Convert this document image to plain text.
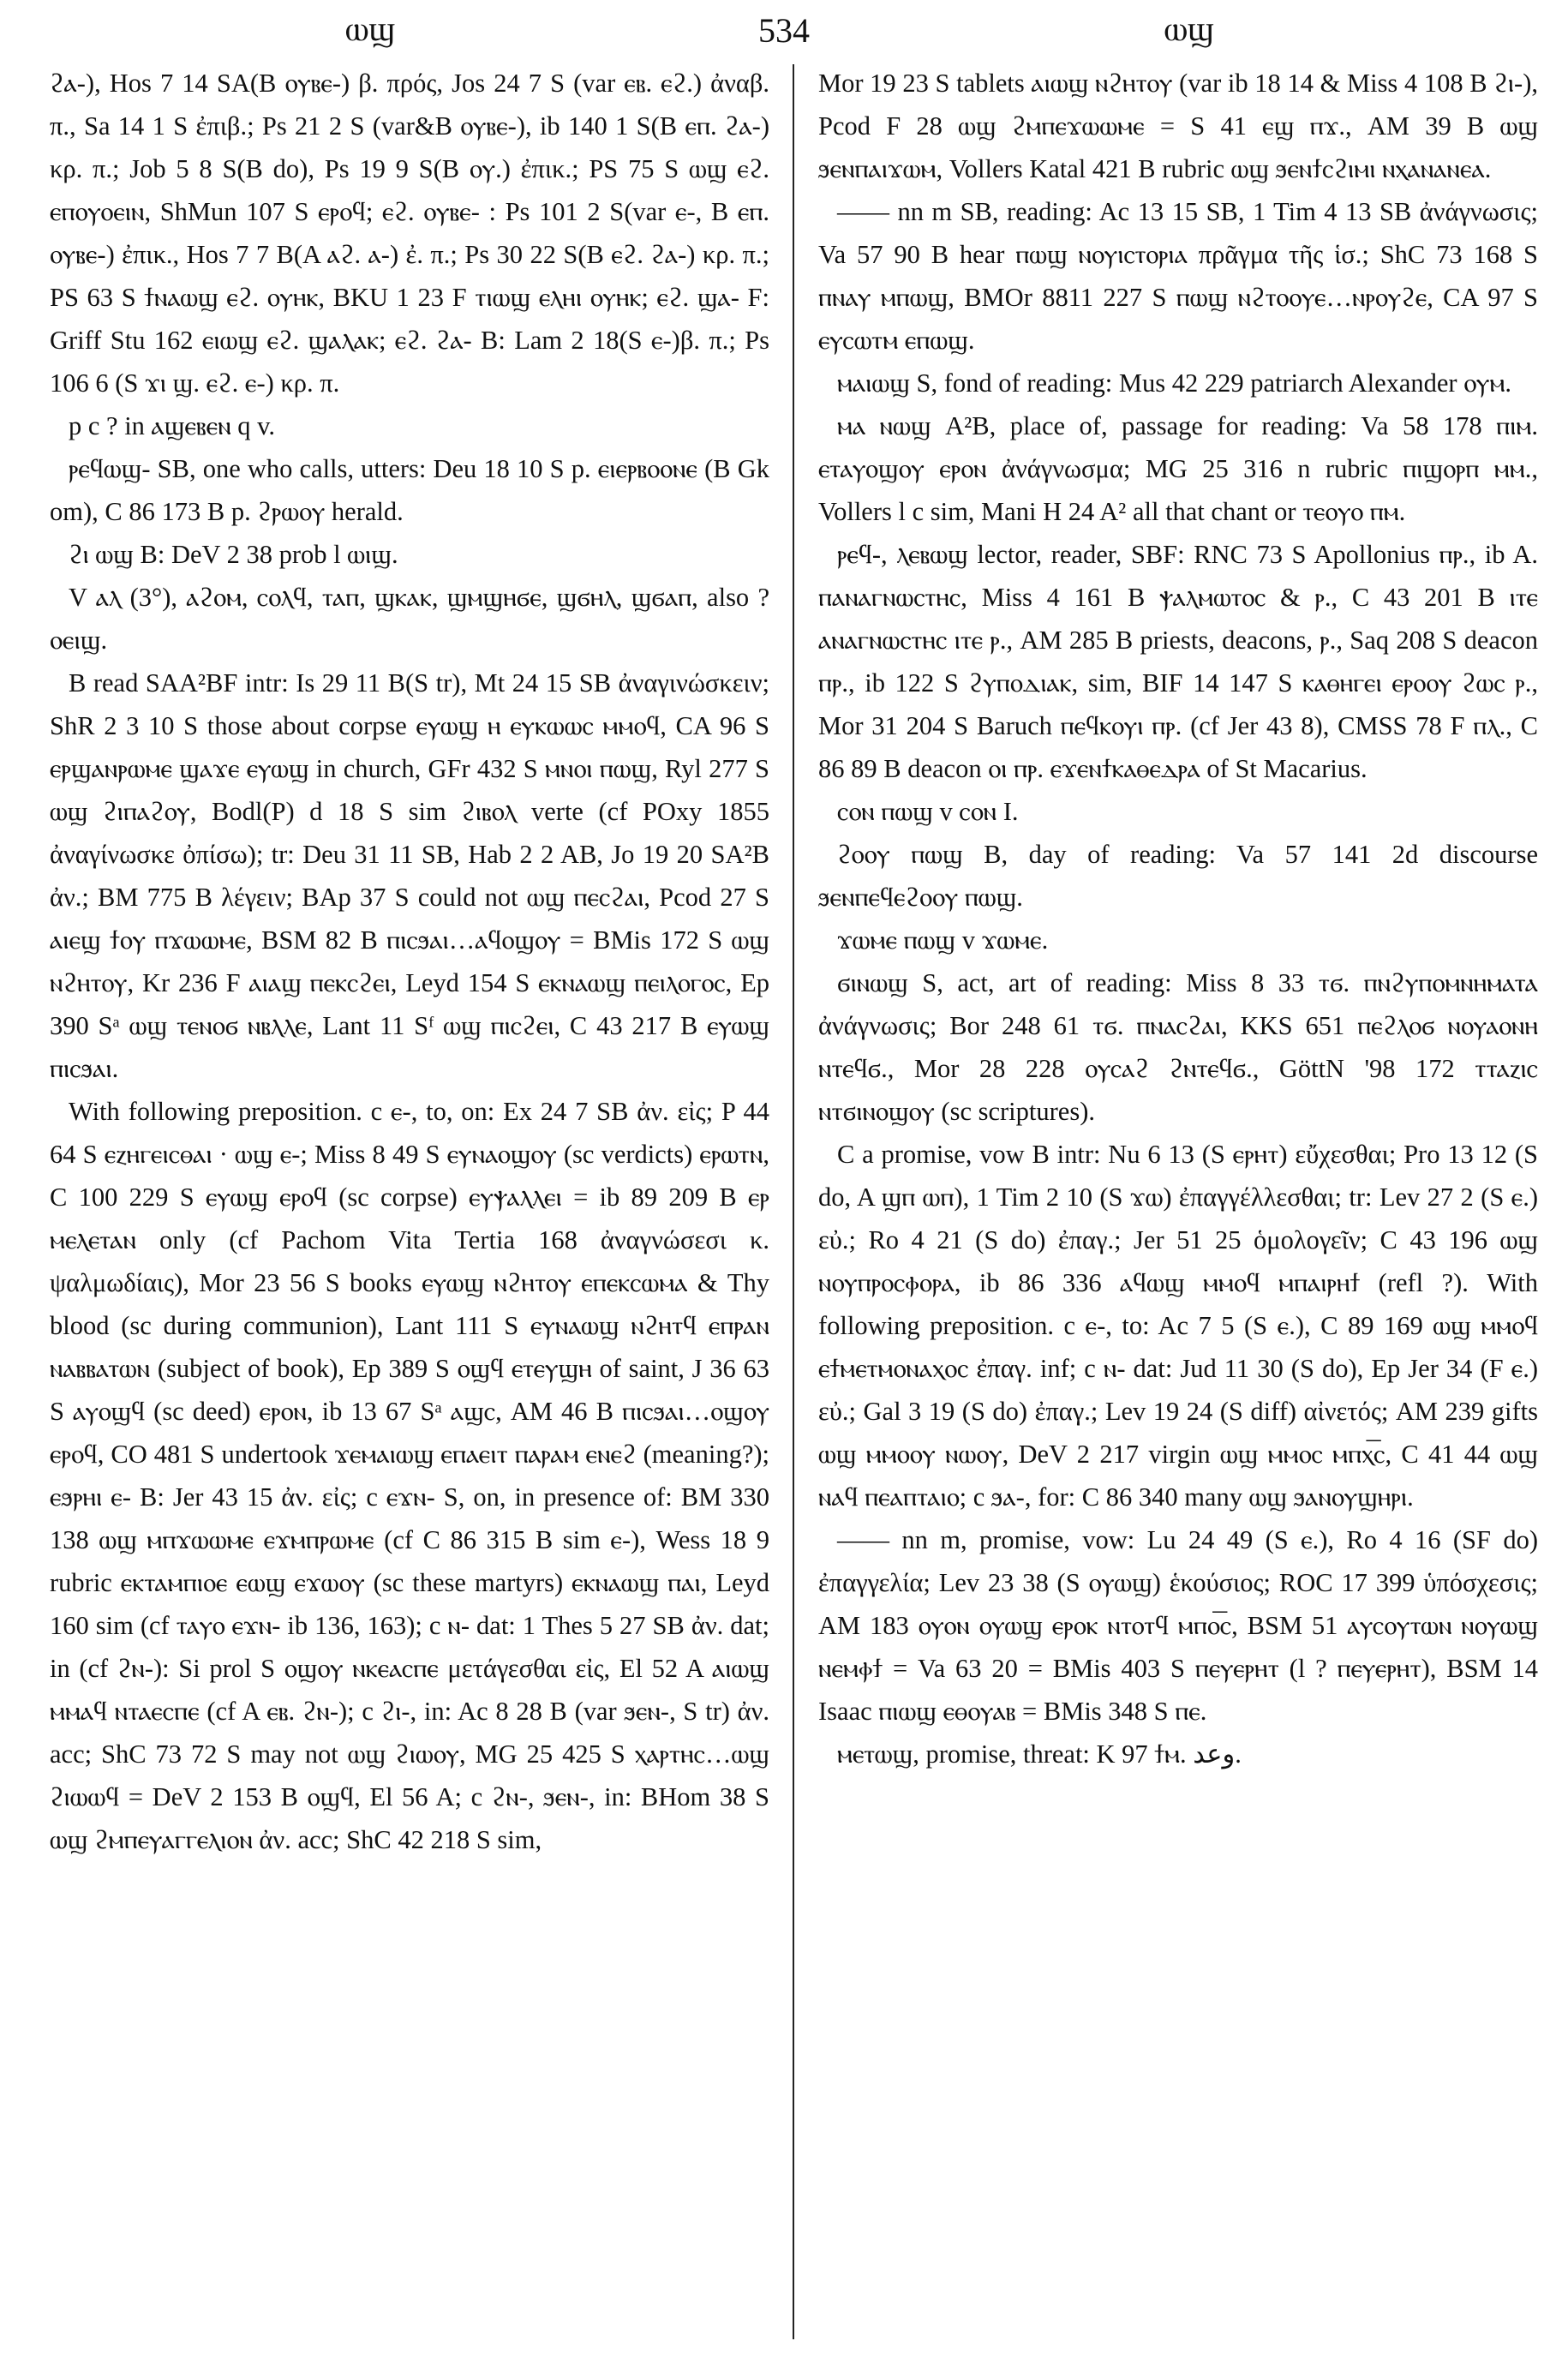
ⲱϣ	534	ⲱϣ

ϩⲁ-), Hos 7 14 SA(B ⲟⲩⲃⲉ-) β. πρός, Jos 24 7 S (var ⲉⲃ. ⲉϩ.) ἀναβ. π., Sa 14 1 S ἐπιβ.; Ps 21 2 S (var&B ⲟⲩⲃⲉ-), ib 140 1 S(B ⲉⲡ. ϩⲁ-) κρ. π.; Job 5 8 S(B do), Ps 19 9 S(B ⲟⲩ.) ἐπικ.; PS 75 S ⲱϣ ⲉϩ. ⲉⲡⲟⲩⲟⲉⲓⲛ, ShMun 107 S ⲉⲣⲟϥ; ⲉϩ. ⲟⲩⲃⲉ- : Ps 101 2 S(var ⲉ-, B ⲉⲡ. ⲟⲩⲃⲉ-) ἐπικ., Hos 7 7 B(A ⲁϩ. ⲁ-) ἐ. π.; Ps 30 22 S(B ⲉϩ. ϩⲁ-) κρ. π.; PS 63 S ϯⲛⲁⲱϣ ⲉϩ. ⲟⲩⲏⲕ, BKU 1 23 F ⲧⲓⲱϣ ⲉⲗⲏⲓ ⲟⲩⲏⲕ; ⲉϩ. ϣⲁ- F: Griff Stu 162 ⲉⲓⲱϣ ⲉϩ. ϣⲁⲗⲁⲕ; ⲉϩ. ϩⲁ- B: Lam 2 18(S ⲉ-)β. π.; Ps 106 6 (S ϫⲓ ϣ. ⲉϩ. ⲉ-) κρ. π.

p c ? in ⲁϣⲉⲃⲉⲛ q v.

ⲣⲉϥⲱϣ- SB, one who calls, utters: Deu 18 10 S p. ⲉⲓⲉⲣⲃⲟⲟⲛⲉ (B Gk om), C 86 173 B p. ϩⲣⲱⲟⲩ herald.

ϩⲓ ⲱϣ B: DeV 2 38 prob l ⲱⲓϣ.

V ⲁⲗ (3°), ⲁϩⲟⲙ, ⲥⲟⲗϥ, ⲧⲁⲡ, ϣⲕⲁⲕ, ϣⲙϣⲏϭⲉ, ϣϭⲏⲗ, ϣϭⲁⲡ, also ? ⲟⲉⲓϣ.

B read SAA²BF intr: Is 29 11 B(S tr), Mt 24 15 SB ἀναγινώσκειν; ShR 2 3 10 S those about corpse ⲉⲩⲱϣ ⲏ ⲉⲩⲕⲱⲱⲥ ⲙⲙⲟϥ, CA 96 S ⲉⲣϣⲁⲛⲣⲱⲙⲉ ϣⲁϫⲉ ⲉⲩⲱϣ in church, GFr 432 S ⲙⲛⲟⲓ ⲡⲱϣ, Ryl 277 S ⲱϣ ϩⲓⲡⲁϩⲟⲩ, Bodl(P) d 18 S sim ϩⲓⲃⲟⲗ verte (cf POxy 1855 ἀναγίνωσκε ὀπίσω); tr: Deu 31 11 SB, Hab 2 2 AB, Jo 19 20 SA²B ἀν.; BM 775 B λέγειν; BAp 37 S could not ⲱϣ ⲡⲉⲥϩⲁⲓ, Pcod 27 S ⲁⲓⲉϣ ϯⲟⲩ ⲡϫⲱⲱⲙⲉ, BSM 82 B ⲡⲓⲥϧⲁⲓ…ⲁϥⲟϣⲟⲩ = BMis 172 S ⲱϣ ⲛϩⲏⲧⲟⲩ, Kr 236 F ⲁⲓⲁϣ ⲡⲉⲕⲥϩⲉⲓ, Leyd 154 S ⲉⲕⲛⲁⲱϣ ⲡⲉⲓⲗⲟⲅⲟⲥ, Ep 390 Sᵃ ⲱϣ ⲧⲉⲛⲟϭ ⲛⲃⲗⲗⲉ, Lant 11 Sᶠ ⲱϣ ⲡⲓⲥϩⲉⲓ, C 43 217 B ⲉⲩⲱϣ ⲡⲓⲥϧⲁⲓ.

With following preposition. c ⲉ-, to, on: Ex 24 7 SB ἀν. εἰς; P 44 64 S ⲉⲍⲏⲅⲉⲓⲥⲑⲁⲓ · ⲱϣ ⲉ-; Miss 8 49 S ⲉⲩⲛⲁⲟϣⲟⲩ (sc verdicts) ⲉⲣⲱⲧⲛ, C 100 229 S ⲉⲩⲱϣ ⲉⲣⲟϥ (sc corpse) ⲉⲩⲯⲁⲗⲗⲉⲓ = ib 89 209 B ⲉⲣ ⲙⲉⲗⲉⲧⲁⲛ only (cf Pachom Vita Tertia 168 ἀναγνώσεσι κ. ψαλμωδίαις), Mor 23 56 S books ⲉⲩⲱϣ ⲛϩⲏⲧⲟⲩ ⲉⲡⲉⲕⲥⲱⲙⲁ & Thy blood (sc during communion), Lant 111 S ⲉⲩⲛⲁⲱϣ ⲛϩⲏⲧϥ ⲉⲡⲣⲁⲛ ⲛⲁⲃⲃⲁⲧⲱⲛ (subject of book), Ep 389 S ⲟϣϥ ⲉⲧⲉⲩϣⲏ of saint, J 36 63 S ⲁⲩⲟϣϥ (sc deed) ⲉⲣⲟⲛ, ib 13 67 Sᵃ ⲁϣⲥ, AM 46 B ⲡⲓⲥϧⲁⲓ…ⲟϣⲟⲩ ⲉⲣⲟϥ, CO 481 S undertook ϫⲉⲙⲁⲓⲱϣ ⲉⲡⲁⲉⲓⲧ ⲡⲁⲣⲁⲙ ⲉⲛⲉϩ (meaning?); ⲉϧⲣⲏⲓ ⲉ- B: Jer 43 15 ἀν. εἰς; c ⲉϫⲛ- S, on, in presence of: BM 330 138 ⲱϣ ⲙⲡϫⲱⲱⲙⲉ ⲉϫⲙⲡⲣⲱⲙⲉ (cf C 86 315 B sim ⲉ-), Wess 18 9 rubric ⲉⲕⲧⲁⲙⲡⲓⲟⲉ ⲉⲱϣ ⲉϫⲱⲟⲩ (sc these martyrs) ⲉⲕⲛⲁⲱϣ ⲡⲁⲓ, Leyd 160 sim (cf ⲧⲁⲩⲟ ⲉϫⲛ- ib 136, 163); c ⲛ- dat: 1 Thes 5 27 SB ἀν. dat; in (cf ϩⲛ-): Si prol S ⲟϣⲟⲩ ⲛⲕⲉⲁⲥⲡⲉ μετάγεσθαι εἰς, El 52 A ⲁⲓⲱϣ ⲙⲙⲁϥ ⲛⲧⲁⲉⲥⲡⲉ (cf A ⲉⲃ. ϩⲛ-); c ϩⲓ-, in: Ac 8 28 B (var ϧⲉⲛ-, S tr) ἀν. acc; ShC 73 72 S may not ⲱϣ ϩⲓⲱⲟⲩ, MG 25 425 S ⲭⲁⲣⲧⲏⲥ…ⲱϣ ϩⲓⲱⲱϥ = DeV 2 153 B ⲟϣϥ, El 56 A; c ϩⲛ-, ϧⲉⲛ-, in: BHom 38 S ⲱϣ ϩⲙⲡⲉⲩⲁⲅⲅⲉⲗⲓⲟⲛ ἀν. acc; ShC 42 218 S sim,

Mor 19 23 S tablets ⲁⲓⲱϣ ⲛϩⲏⲧⲟⲩ (var ib 18 14 & Miss 4 108 B ϩⲓ-), Pcod F 28 ⲱϣ ϩⲙⲡⲉϫⲱⲱⲙⲉ = S 41 ⲉϣ ⲡϫ., AM 39 B ⲱϣ ϧⲉⲛⲡⲁⲓϫⲱⲙ, Vollers Katal 421 B rubric ⲱϣ ϧⲉⲛϯⲥϩⲓⲙⲓ ⲛⲭⲁⲛⲁⲛⲉⲁ.

—— nn m SB, reading: Ac 13 15 SB, 1 Tim 4 13 SB ἀνάγνωσις; Va 57 90 B hear ⲡⲱϣ ⲛⲟⲩⲓⲥⲧⲟⲣⲓⲁ πρᾶγμα τῆς ἱσ.; ShC 73 168 S ⲡⲛⲁⲩ ⲙⲡⲱϣ, BMOr 8811 227 S ⲡⲱϣ ⲛϩⲧⲟⲟⲩⲉ…ⲛⲣⲟⲩϩⲉ, CA 97 S ⲉⲩⲥⲱⲧⲙ ⲉⲡⲱϣ.

ⲙⲁⲓⲱϣ S, fond of reading: Mus 42 229 patriarch Alexander ⲟⲩⲙ.

ⲙⲁ ⲛⲱϣ A²B, place of, passage for reading: Va 58 178 ⲡⲓⲙ. ⲉⲧⲁⲩⲟϣⲟⲩ ⲉⲣⲟⲛ ἀνάγνωσμα; MG 25 316 n rubric ⲡⲓϣⲟⲣⲡ ⲙⲙ., Vollers l c sim, Mani H 24 A² all that chant or ⲧⲉⲟⲩⲟ ⲡⲙ.

ⲣⲉϥ-, ⲗⲉⲃⲱϣ lector, reader, SBF: RNC 73 S Apollonius ⲡⲣ., ib A. ⲡⲁⲛⲁⲅⲛⲱⲥⲧⲏⲥ, Miss 4 161 B ⲯⲁⲗⲙⲱⲧⲟⲥ & ⲣ., C 43 201 B ⲓⲧⲉ ⲁⲛⲁⲅⲛⲱⲥⲧⲏⲥ ⲓⲧⲉ ⲣ., AM 285 B priests, deacons, ⲣ., Saq 208 S deacon ⲡⲣ., ib 122 S ϩⲩⲡⲟⲇⲓⲁⲕ, sim, BIF 14 147 S ⲕⲁⲑⲏⲅⲉⲓ ⲉⲣⲟⲟⲩ ϩⲱⲥ ⲣ., Mor 31 204 S Baruch ⲡⲉϥⲕⲟⲩⲓ ⲡⲣ. (cf Jer 43 8), CMSS 78 F ⲡⲗ., C 86 89 B deacon ⲟⲓ ⲡⲣ. ⲉϫⲉⲛϯⲕⲁⲑⲉⲇⲣⲁ of St Macarius.

ⲥⲟⲛ ⲡⲱϣ v ⲥⲟⲛ I.

ϩⲟⲟⲩ ⲡⲱϣ B, day of reading: Va 57 141 2d discourse ϧⲉⲛⲡⲉϥⲉϩⲟⲟⲩ ⲡⲱϣ.

ϫⲱⲙⲉ ⲡⲱϣ v ϫⲱⲙⲉ.

ϭⲓⲛⲱϣ S, act, art of reading: Miss 8 33 ⲧϭ. ⲡⲛϩⲩⲡⲟⲙⲛⲏⲙⲁⲧⲁ ἀνάγνωσις; Bor 248 61 ⲧϭ. ⲡⲛⲁⲥϩⲁⲓ, KKS 651 ⲡⲉϩⲗⲟϭ ⲛⲟⲩⲁⲟⲛⲏ ⲛⲧⲉϥϭ., Mor 28 228 ⲟⲩⲥⲁϩ ϩⲛⲧⲉϥϭ., GöttN '98 172 ⲧⲧⲁⲍⲓⲥ ⲛⲧϭⲓⲛⲟϣⲟⲩ (sc scriptures).

C a promise, vow B intr: Nu 6 13 (S ⲉⲣⲏⲧ) εὔχεσθαι; Pro 13 12 (S do, A ϣⲡ ⲱⲡ), 1 Tim 2 10 (S ϫⲱ) ἐπαγγέλλεσθαι; tr: Lev 27 2 (S ⲉ.) εὐ.; Ro 4 21 (S do) ἐπαγ.; Jer 51 25 ὁμολογεῖν; C 43 196 ⲱϣ ⲛⲟⲩⲡⲣⲟⲥⲫⲟⲣⲁ, ib 86 336 ⲁϥⲱϣ ⲙⲙⲟϥ ⲙⲡⲁⲓⲣⲏϯ (refl ?). With following preposition. c ⲉ-, to: Ac 7 5 (S ⲉ.), C 89 169 ⲱϣ ⲙⲙⲟϥ ⲉϯⲙⲉⲧⲙⲟⲛⲁⲭⲟⲥ ἐπαγ. inf; c ⲛ- dat: Jud 11 30 (S do), Ep Jer 34 (F ⲉ.) εὐ.; Gal 3 19 (S do) ἐπαγ.; Lev 19 24 (S diff) αἰνετός; AM 239 gifts ⲱϣ ⲙⲙⲟⲟⲩ ⲛⲱⲟⲩ, DeV 2 217 virgin ⲱϣ ⲙⲙⲟⲥ ⲙⲡⲭ͞ⲥ, C 41 44 ⲱϣ ⲛⲁϥ ⲡⲉⲁⲡⲧⲁⲓⲟ; c ϧⲁ-, for: C 86 340 many ⲱϣ ϧⲁⲛⲟⲩϣⲏⲣⲓ.

—— nn m, promise, vow: Lu 24 49 (S ⲉ.), Ro 4 16 (SF do) ἐπαγγελία; Lev 23 38 (S ⲟⲩⲱϣ) ἑκούσιος; ROC 17 399 ὑπόσχεσις; AM 183 ⲟⲩⲟⲛ ⲟⲩⲱϣ ⲉⲣⲟⲕ ⲛⲧⲟⲧϥ ⲙⲡⲟ͞ⲥ, BSM 51 ⲁⲩⲥⲟⲩⲧⲱⲛ ⲛⲟⲩⲱϣ ⲛⲉⲙⲫϯ = Va 63 20 = BMis 403 S ⲡⲉⲩⲉⲣⲏⲧ (l ? ⲡⲉⲩⲉⲣⲏⲧ), BSM 14 Isaac ⲡⲓⲱϣ ⲉⲑⲟⲩⲁⲃ = BMis 348 S ⲡⲉ.

ⲙⲉⲧⲱϣ, promise, threat: K 97 ϯⲙ. وعد.
